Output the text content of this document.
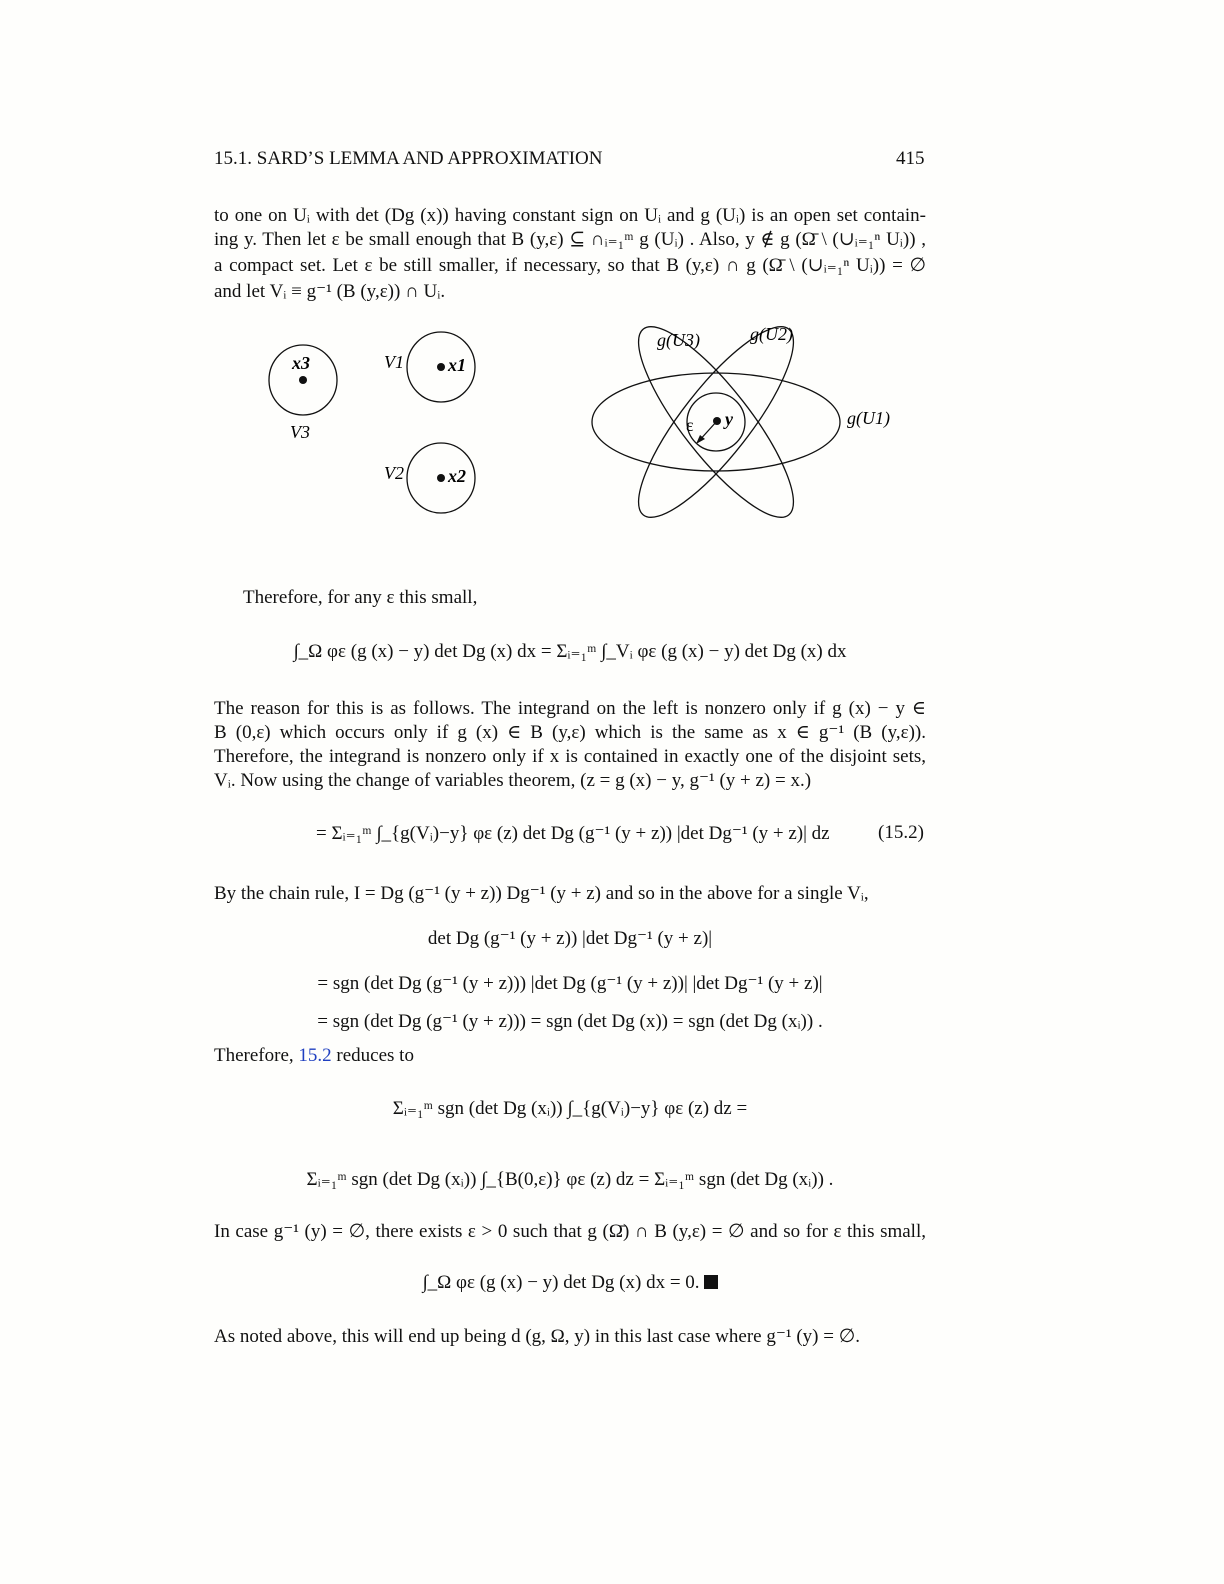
15.1. SARD’S LEMMA AND APPROXIMATION	415
to one on Uᵢ with det (Dg (x)) having constant sign on Uᵢ and g (Uᵢ) is an open set contain-
ing y. Then let ε be small enough that B (y,ε) ⊆ ∩ᵢ₌₁ᵐ g (Uᵢ) . Also, y ∉ g (Ω̄ \ (∪ᵢ₌₁ⁿ Uᵢ)) ,
a compact set. Let ε be still smaller, if necessary, so that B (y,ε) ∩ g (Ω̄ \ (∪ᵢ₌₁ⁿ Uᵢ)) = ∅
and let Vᵢ ≡ g⁻¹ (B (y,ε)) ∩ Uᵢ.
x3	x1
x2
V1
V2
V3
g(U3)	g(U2)
g(U1)
y
ε
Therefore, for any ε this small,
∫_Ω φε (g (x) − y) det Dg (x) dx = Σᵢ₌₁ᵐ ∫_Vᵢ φε (g (x) − y) det Dg (x) dx
The reason for this is as follows. The integrand on the left is nonzero only if g (x) − y ∈
B (0,ε) which occurs only if g (x) ∈ B (y,ε) which is the same as x ∈ g⁻¹ (B (y,ε)).
Therefore, the integrand is nonzero only if x is contained in exactly one of the disjoint sets,
Vᵢ. Now using the change of variables theorem, (z = g (x) − y, g⁻¹ (y + z) = x.)
= Σᵢ₌₁ᵐ ∫_{g(Vᵢ)−y} φε (z) det Dg (g⁻¹ (y + z)) |det Dg⁻¹ (y + z)| dz	(15.2)
By the chain rule, I = Dg (g⁻¹ (y + z)) Dg⁻¹ (y + z) and so in the above for a single Vᵢ,
det Dg (g⁻¹ (y + z)) |det Dg⁻¹ (y + z)|
= sgn (det Dg (g⁻¹ (y + z))) |det Dg (g⁻¹ (y + z))| |det Dg⁻¹ (y + z)|
= sgn (det Dg (g⁻¹ (y + z))) = sgn (det Dg (x)) = sgn (det Dg (xᵢ)) .
Therefore, 15.2 reduces to
Σᵢ₌₁ᵐ sgn (det Dg (xᵢ)) ∫_{g(Vᵢ)−y} φε (z) dz =
Σᵢ₌₁ᵐ sgn (det Dg (xᵢ)) ∫_{B(0,ε)} φε (z) dz = Σᵢ₌₁ᵐ sgn (det Dg (xᵢ)) .
In case g⁻¹ (y) = ∅, there exists ε > 0 such that g (Ω̄) ∩ B (y,ε) = ∅ and so for ε this small,
∫_Ω φε (g (x) − y) det Dg (x) dx = 0.
As noted above, this will end up being d (g, Ω, y) in this last case where g⁻¹ (y) = ∅.
